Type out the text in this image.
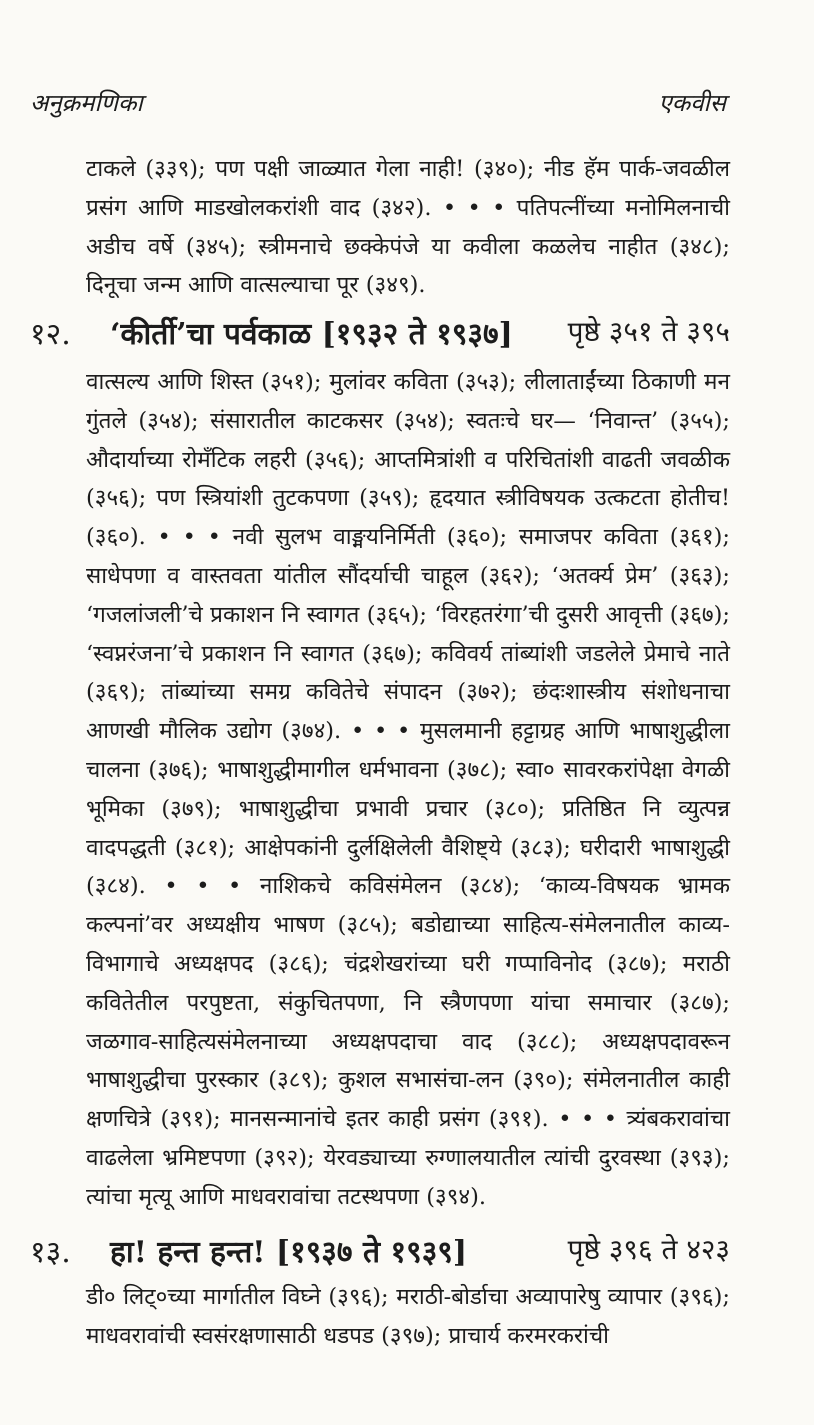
अनुक्रमणिका	एकवीस
टाकले (३३९); पण पक्षी जाळ्यात गेला नाही! (३४०); नीड हॅम पार्क-जवळील प्रसंग आणि माडखोलकरांशी वाद (३४२). • • • पतिपत्नींच्या मनोमिलनाची अडीच वर्षे (३४५); स्त्रीमनाचे छक्केपंजे या कवीला कळलेच नाहीत (३४८); दिनूचा जन्म आणि वात्सल्याचा पूर (३४९).
१२. ‘कीर्ती’चा पर्वकाळ [१९३२ ते १९३७] पृष्ठे ३५१ ते ३९५
वात्सल्य आणि शिस्त (३५१); मुलांवर कविता (३५३); लीलाताईंच्या ठिकाणी मन गुंतले (३५४); संसारातील काटकसर (३५४); स्वतःचे घर— ‘निवान्त’ (३५५); औदार्याच्या रोमँटिक लहरी (३५६); आप्तमित्रांशी व परिचितांशी वाढती जवळीक (३५६); पण स्त्रियांशी तुटकपणा (३५९); हृदयात स्त्रीविषयक उत्कटता होतीच! (३६०). • • • नवी सुलभ वाङ्मयनिर्मिती (३६०); समाजपर कविता (३६१); साधेपणा व वास्तवता यांतील सौंदर्याची चाहूल (३६२); ‘अतर्क्य प्रेम’ (३६३); ‘गजलांजली’चे प्रकाशन नि स्वागत (३६५); ‘विरहतरंगा’ची दुसरी आवृत्ती (३६७); ‘स्वप्नरंजना’चे प्रकाशन नि स्वागत (३६७); कविवर्य तांब्यांशी जडलेले प्रेमाचे नाते (३६९); तांब्यांच्या समग्र कवितेचे संपादन (३७२); छंदःशास्त्रीय संशोधनाचा आणखी मौलिक उद्योग (३७४). • • • मुसलमानी हट्टाग्रह आणि भाषाशुद्धीला चालना (३७६); भाषाशुद्धीमागील धर्मभावना (३७८); स्वा० सावरकरांपेक्षा वेगळी भूमिका (३७९); भाषाशुद्धीचा प्रभावी प्रचार (३८०); प्रतिष्ठित नि व्युत्पन्न वादपद्धती (३८१); आक्षेपकांनी दुर्लक्षिलेली वैशिष्ट्ये (३८३); घरीदारी भाषाशुद्धी (३८४). • • • नाशिकचे कविसंमेलन (३८४); ‘काव्य-विषयक भ्रामक कल्पनां’वर अध्यक्षीय भाषण (३८५); बडोद्याच्या साहित्य-संमेलनातील काव्य-विभागाचे अध्यक्षपद (३८६); चंद्रशेखरांच्या घरी गप्पाविनोद (३८७); मराठी कवितेतील परपुष्टता, संकुचितपणा, नि स्त्रैणपणा यांचा समाचार (३८७); जळगाव-साहित्यसंमेलनाच्या अध्यक्षपदाचा वाद (३८८); अध्यक्षपदावरून भाषाशुद्धीचा पुरस्कार (३८९); कुशल सभासंचा-लन (३९०); संमेलनातील काही क्षणचित्रे (३९१); मानसन्मानांचे इतर काही प्रसंग (३९१). • • • त्र्यंबकरावांचा वाढलेला भ्रमिष्टपणा (३९२); येरवड्याच्या रुग्णालयातील त्यांची दुरवस्था (३९३); त्यांचा मृत्यू आणि माधवरावांचा तटस्थपणा (३९४).
१३. हा! हन्त हन्त! [१९३७ ते १९३९]	पृष्ठे ३९६ ते ४२३
डी० लिट्०च्या मार्गातील विघ्ने (३९६); मराठी-बोर्डाचा अव्यापारेषु व्यापार (३९६); माधवरावांची स्वसंरक्षणासाठी धडपड (३९७); प्राचार्य करमरकरांची
